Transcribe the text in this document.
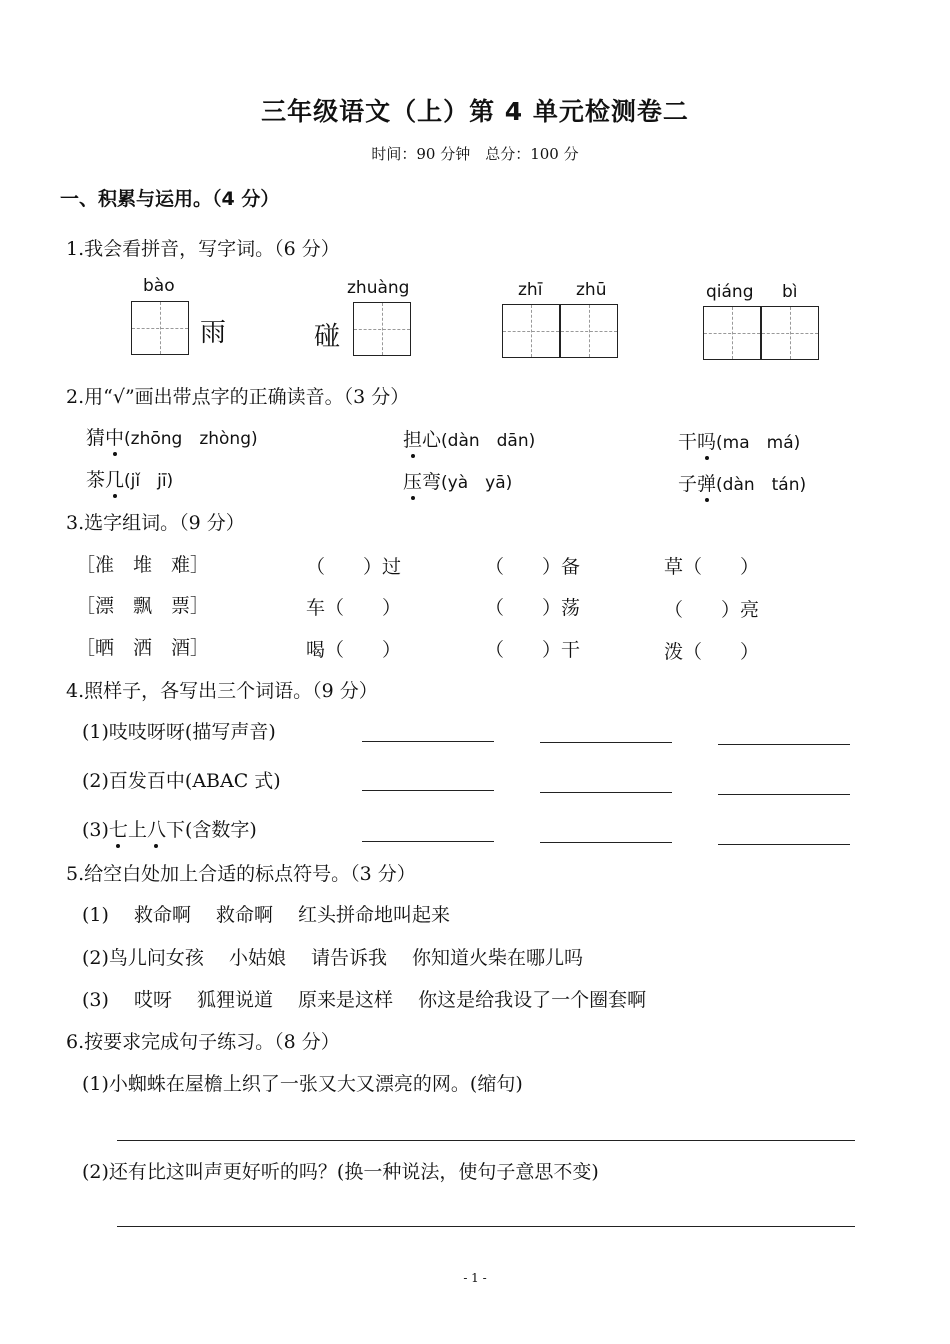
三年级语文（上）第 4 单元检测卷二
时间：90 分钟　总分：100 分
一、积累与运用。（4 分）
1.我会看拼音，写字词。（6 分）
bào
雨
zhuàng
碰
zhī zhū	qiáng bì
2.用“√”画出带点字的正确读音。（3 分）
猜中(zhōng　zhòng)	担心(dàn　dān)	干吗(ma　má)
茶几(jǐ　jī)	压弯(yà　yā)	子弹(dàn　tán)
3.选字组词。（9 分）
［准　堆　难］	（　　）过	（　　）备	草（　　）
［漂　飘　票］	车（　　）	（　　）荡	（　　）亮
［晒　洒　酒］	喝（　　）	（　　）干	泼（　　）
4.照样子，各写出三个词语。（9 分）
(1)吱吱呀呀(描写声音)
(2)百发百中(ABAC 式)
(3)七上八下(含数字)
5.给空白处加上合适的标点符号。（3 分）
(1)　 救命啊　 救命啊　 红头拼命地叫起来
(2)鸟儿问女孩　 小姑娘　 请告诉我　 你知道火柴在哪儿吗
(3)　 哎呀　 狐狸说道　 原来是这样　 你这是给我设了一个圈套啊
6.按要求完成句子练习。（8 分）
(1)小蜘蛛在屋檐上织了一张又大又漂亮的网。(缩句)
(2)还有比这叫声更好听的吗？(换一种说法，使句子意思不变)
- 1 -
